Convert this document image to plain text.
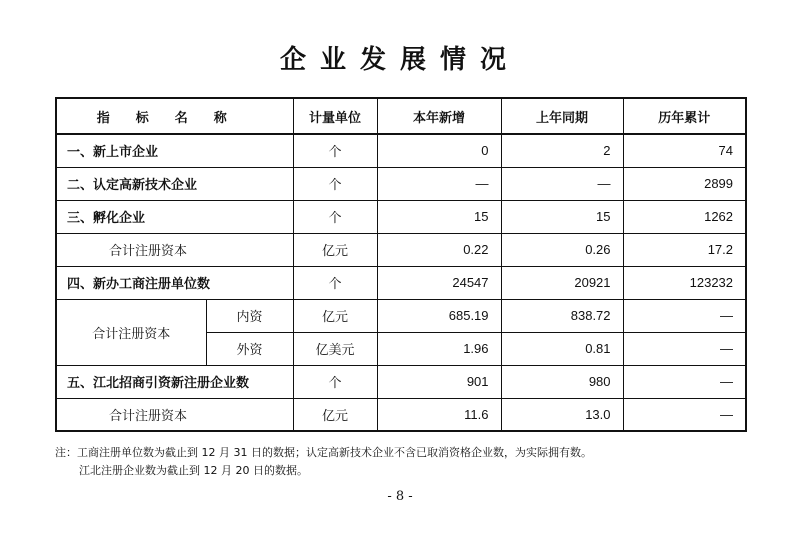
企业发展情况
指标名称		计量单位	本年新增	上年同期	历年累计
一、新上市企业		个	0	2	74
二、认定高新技术企业		个	—	—	2899
三、孵化企业		个	15	15	1262
合计注册资本		亿元	0.22	0.26	17.2
四、新办工商注册单位数		个	24547	20921	123232
合计注册资本	内资	亿元	685.19	838.72	—
	外资	亿美元	1.96	0.81	—
五、江北招商引资新注册企业数		个	901	980	—
合计注册资本		亿元	11.6	13.0	—
注：工商注册单位数为截止到 12 月 31 日的数据；认定高新技术企业不含已取消资格企业数，为实际拥有数。
江北注册企业数为截止到 12 月 20 日的数据。
- 8 -
